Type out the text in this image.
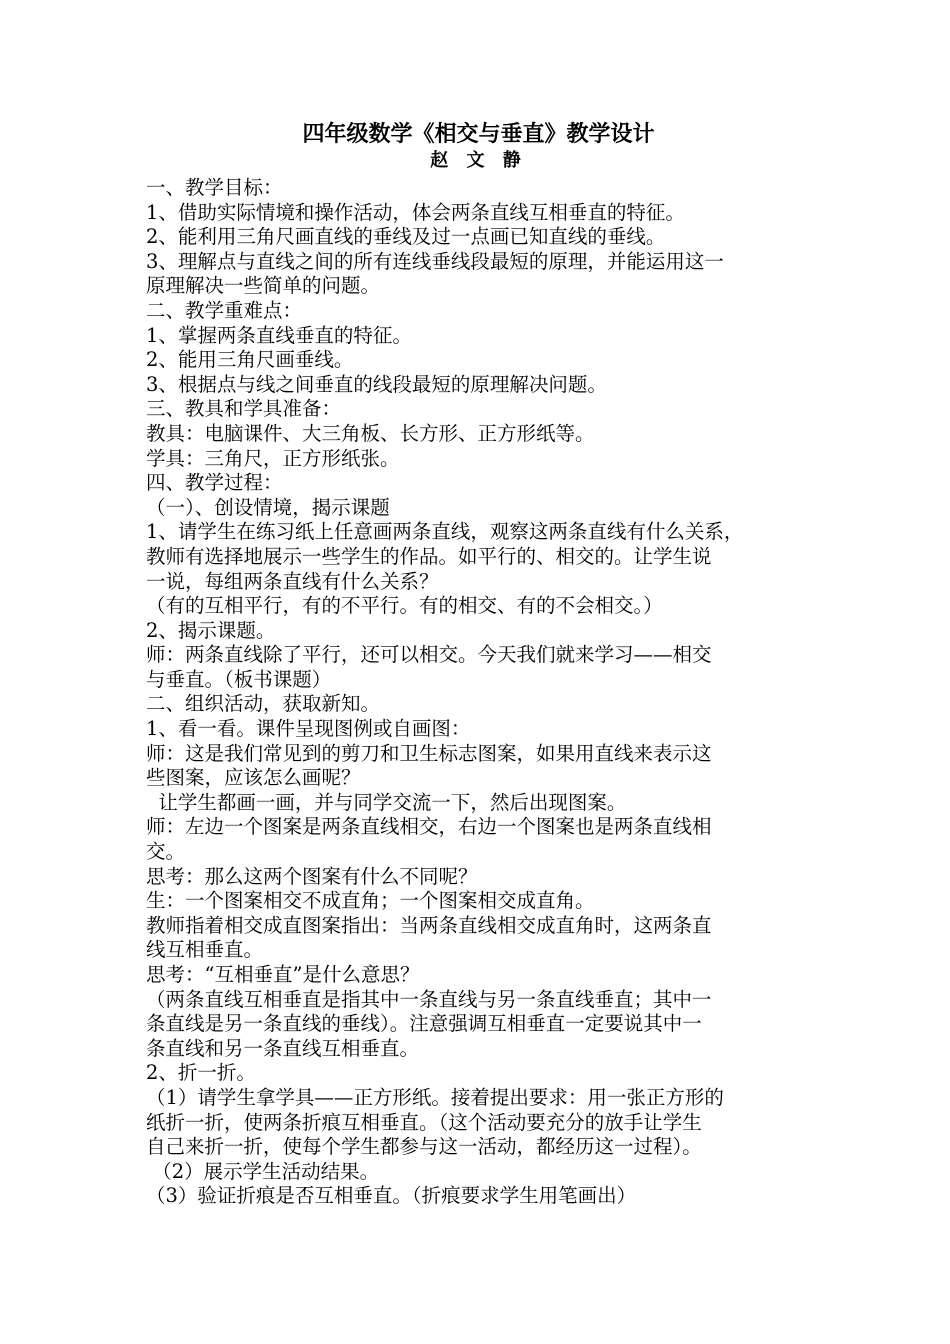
四年级数学《相交与垂直》教学设计

赵 文 静

一、教学目标：

1、借助实际情境和操作活动，体会两条直线互相垂直的特征。

2、能利用三角尺画直线的垂线及过一点画已知直线的垂线。

3、理解点与直线之间的所有连线垂线段最短的原理，并能运用这一

原理解决一些简单的问题。

二、教学重难点：

1、掌握两条直线垂直的特征。

2、能用三角尺画垂线。

3、根据点与线之间垂直的线段最短的原理解决问题。

三、教具和学具准备：

教具：电脑课件、大三角板、长方形、正方形纸等。

学具：三角尺，正方形纸张。

四、教学过程：

（一）、创设情境，揭示课题

1、请学生在练习纸上任意画两条直线，观察这两条直线有什么关系，

教师有选择地展示一些学生的作品。如平行的、相交的。让学生说

一说，每组两条直线有什么关系？

（有的互相平行，有的不平行。有的相交、有的不会相交。）

2、揭示课题。

师：两条直线除了平行，还可以相交。今天我们就来学习——相交

与垂直。（板书课题）

二、组织活动，获取新知。

1、看一看。课件呈现图例或自画图：

师：这是我们常见到的剪刀和卫生标志图案，如果用直线来表示这

些图案，应该怎么画呢？

让学生都画一画，并与同学交流一下，然后出现图案。

师：左边一个图案是两条直线相交，右边一个图案也是两条直线相

交。

思考：那么这两个图案有什么不同呢？

生：一个图案相交不成直角；一个图案相交成直角。

教师指着相交成直图案指出：当两条直线相交成直角时，这两条直

线互相垂直。

思考：“互相垂直”是什么意思？

（两条直线互相垂直是指其中一条直线与另一条直线垂直；其中一

条直线是另一条直线的垂线）。注意强调互相垂直一定要说其中一

条直线和另一条直线互相垂直。

2、折一折。

（1）请学生拿学具——正方形纸。接着提出要求：用一张正方形的

纸折一折，使两条折痕互相垂直。（这个活动要充分的放手让学生

自己来折一折，使每个学生都参与这一活动，都经历这一过程）。

（2）展示学生活动结果。

（3）验证折痕是否互相垂直。（折痕要求学生用笔画出）
